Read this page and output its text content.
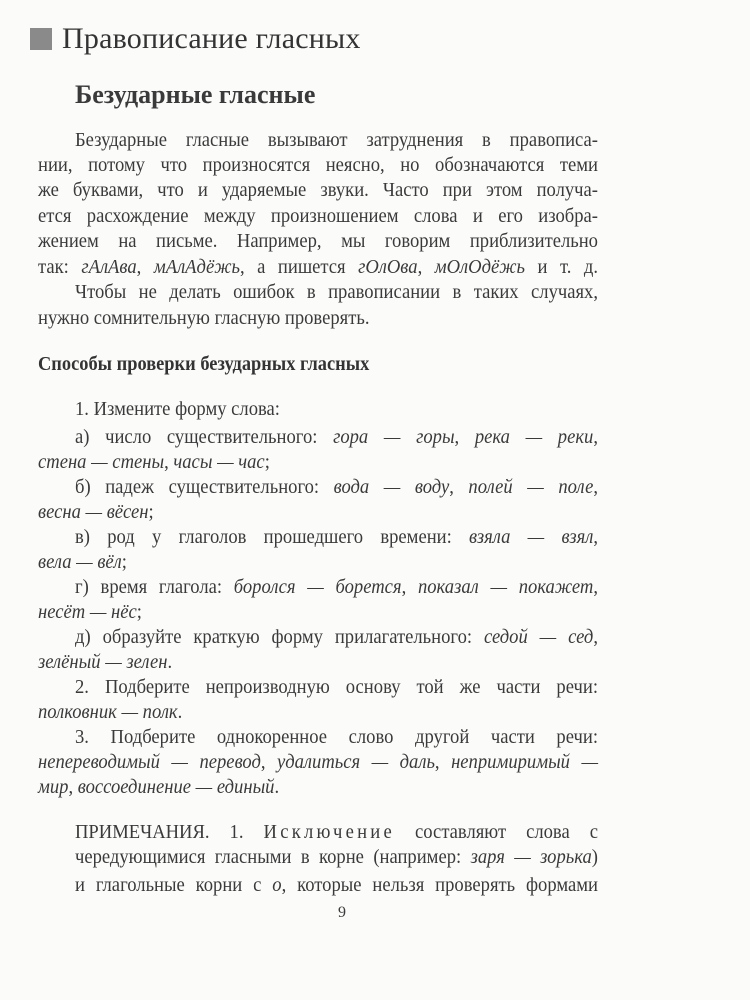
Правописание гласных
Безударные гласные
Безударные гласные вызывают затруднения в правописа-
нии, потому что произносятся неясно, но обозначаются теми
же буквами, что и ударяемые звуки. Часто при этом получа-
ется расхождение между произношением слова и его изобра-
жением на письме. Например, мы говорим приблизительно
так: гАлАва, мАлАдёжь, а пишется гОлОва, мОлОдёжь и т. д.
Чтобы не делать ошибок в правописании в таких случаях,
нужно сомнительную гласную проверять.
Способы проверки безударных гласных
1. Измените форму слова:
а) число существительного: гора — горы, река — реки,
стена — стены, часы — час;
б) падеж существительного: вода — воду, полей — поле,
весна — вёсен;
в) род у глаголов прошедшего времени: взяла — взял,
вела — вёл;
г) время глагола: боролся — борется, показал — покажет,
несёт — нёс;
д) образуйте краткую форму прилагательного: седой — сед,
зелёный — зелен.
2. Подберите непроизводную основу той же части речи:
полковник — полк.
3. Подберите однокоренное слово другой части речи:
непереводимый — перевод, удалиться — даль, непримиримый —
мир, воссоединение — единый.
ПРИМЕЧАНИЯ. 1. Исключение составляют слова с
чередующимися гласными в корне (например: заря — зорька)
и глагольные корни с о, которые нельзя проверять формами
9
